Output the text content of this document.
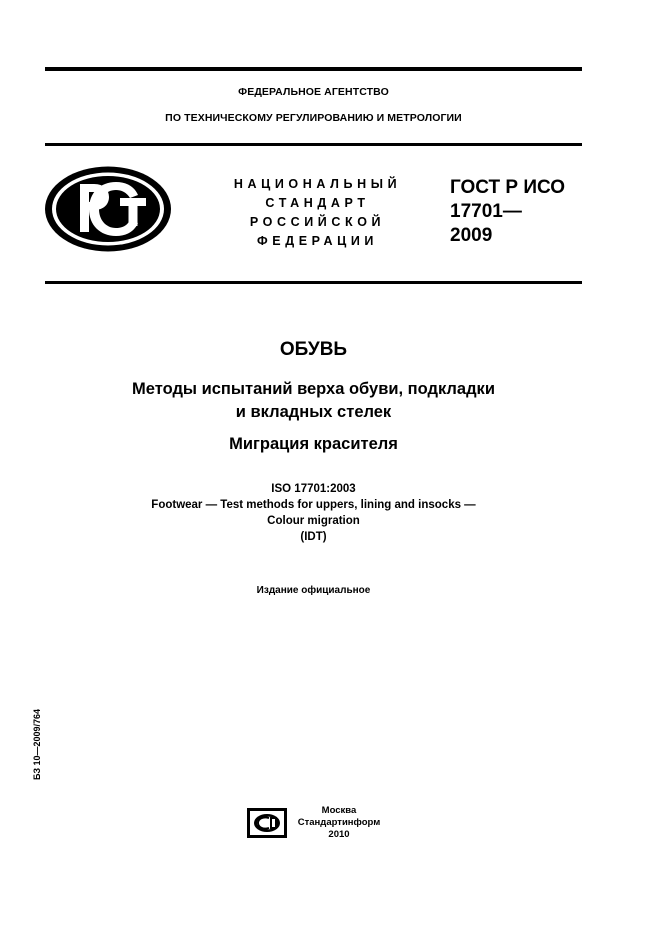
ФЕДЕРАЛЬНОЕ АГЕНТСТВО
ПО ТЕХНИЧЕСКОМУ РЕГУЛИРОВАНИЮ И МЕТРОЛОГИИ
НАЦИОНАЛЬНЫЙ
СТАНДАРТ
РОССИЙСКОЙ
ФЕДЕРАЦИИ
ГОСТ Р ИСО
17701—
2009
ОБУВЬ
Методы испытаний верха обуви, подкладки
и вкладных стелек
Миграция красителя
ISO 17701:2003
Footwear — Test methods for uppers, lining and insocks —
Colour migration
(IDT)
Издание официальное
БЗ 10—2009/764
Москва
Стандартинформ
2010
